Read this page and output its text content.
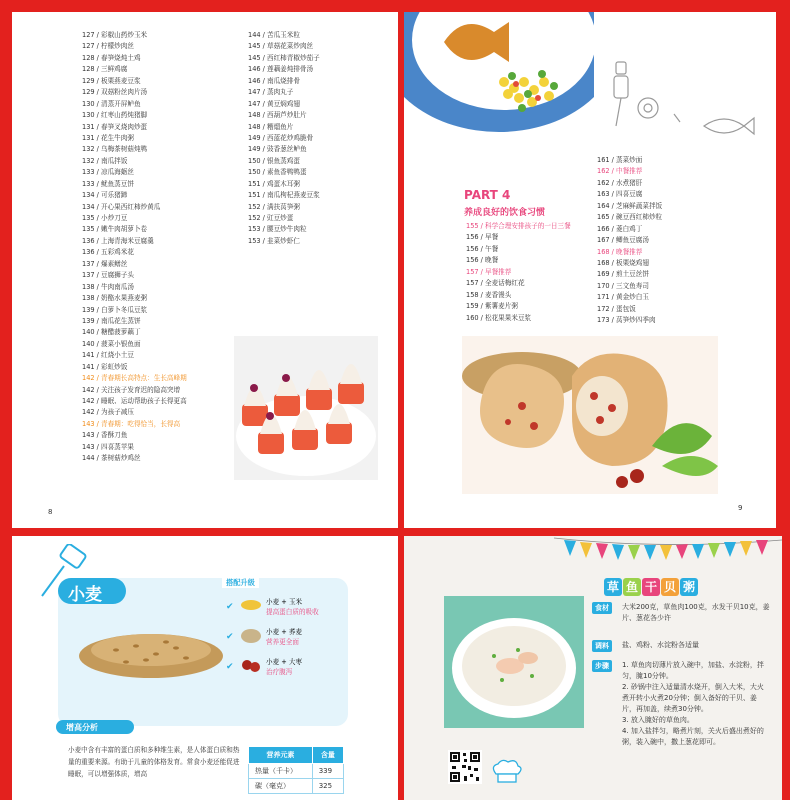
127 / 彩椒山药炒玉米
127 / 柠檬炒肉丝
128 / 春笋烧炖土鸡
128 / 三鲜鸡腐
129 / 板栗燕麦豆浆
129 / 双菇粉丝肉片汤
130 / 清蒸开屏鲈鱼
130 / 红枣山药炖猪脚
131 / 春笋叉烧肉炒蛋
131 / 花生牛肉粥
132 / 乌梅茶树菇炖鸭
132 / 南瓜拌饭
133 / 凉瓜海蛎丝
133 / 鱿鱼蒸豆饼
134 / 可乐猪蹄
134 / 开心果西红柿炒黄瓜
135 / 小炒刀豆
135 / 嫩牛肉胡萝卜卷
136 / 上海青海米豆腐羹
136 / 五彩鸡米花
137 / 爆素鳝丝
137 / 豆腐狮子头
138 / 牛肉南瓜汤
138 / 奶酪水果燕麦粥
139 / 白萝卜冬瓜豆浆
139 / 南瓜花生蒸饼
140 / 糖醋菠萝藕丁
140 / 菠菜小银鱼面
141 / 红烧小土豆
141 / 彩虹炒饭
142 / 青春期长高特点：生长高峰期
142 / 关注孩子发育迟的隐高突增
142 / 睡眠、运动帮助孩子长得更高
142 / 为孩子减压
143 / 青春期：吃得恰当，长得高
143 / 香酥刀鱼
143 / 四喜蒸苹果
144 / 茶树菇炒鸡丝
144 / 苦瓜玉米粒
145 / 草菇花菜炒肉丝
145 / 西红柿青椒炒茄子
146 / 莲藕姜炖排骨汤
146 / 南瓜烧排骨
147 / 蒸肉丸子
147 / 黄豆焖鸡翅
148 / 西葫芦炒肚片
148 / 糟熘鱼片
149 / 西蓝花炒鸡脆骨
149 / 豉香葱丝鲈鱼
150 / 银鱼蒸鸡蛋
150 / 素鱼香鸭鸭蛋
151 / 鸡蛋木耳粥
151 / 南瓜枸杞燕麦豆浆
152 / 满扶莴笋粥
152 / 豇豆炒蛋
153 / 腰豆炒牛肉粒
153 / 韭菜炒虾仁
8
PART 4
养成良好的饮食习惯
155 / 科学合理安排孩子的一日三餐
156 / 早餐
156 / 午餐
156 / 晚餐
157 / 早餐推荐
157 / 全麦话梅红花
158 / 麦香馒头
159 / 紫薯麦片粥
160 / 松花果果米豆浆
161 / 蒸菜炒面
162 / 中餐推荐
162 / 水煮猪肝
163 / 四喜豆腐
164 / 芝麻鲜蔬菜拌饭
165 / 碗豆西红柿炒粒
166 / 菱白鸡丁
167 / 鲫鱼豆腐汤
168 / 晚餐推荐
168 / 板栗烧鸡翅
169 / 煎土豆丝饼
170 / 三文鱼寿司
171 / 黄金炒白玉
172 / 蛋包饭
173 / 莴笋炒四季肉
9
小麦
搭配升级
✔	小麦 + 玉米
提高蛋白质的吸收
✔	小麦 + 荞麦
营养更全面
✔	小麦 + 大枣
治疗腹泻
增高分析
小麦中含有丰富的蛋白质和多种维生素，是人体蛋白质和热量的重要来源。有助于儿童的体格发育。常食小麦还能促进睡眠，可以增强体质，增高
营养元素	含量
热量（千卡）	339
碳（毫克）	325
草 鱼 干 贝 粥
食材	大米200克，草鱼肉100克，水发干贝10克，姜片、葱花各少许
调料	盐、鸡粉、水淀粉各适量
步骤	1. 草鱼肉切薄片放入碗中，加盐、水淀粉，拌匀，腌10分钟。
2. 砂锅中注入适量清水烧开，倒入大米，大火煮开转小火煮20分钟；倒入备好的干贝、姜片，再加盖，续煮30分钟。
3. 放入腌好的草鱼肉。
4. 加入盐拌匀，略煮片刻，关火后盛出煮好的粥，装入碗中，撒上葱花即可。
